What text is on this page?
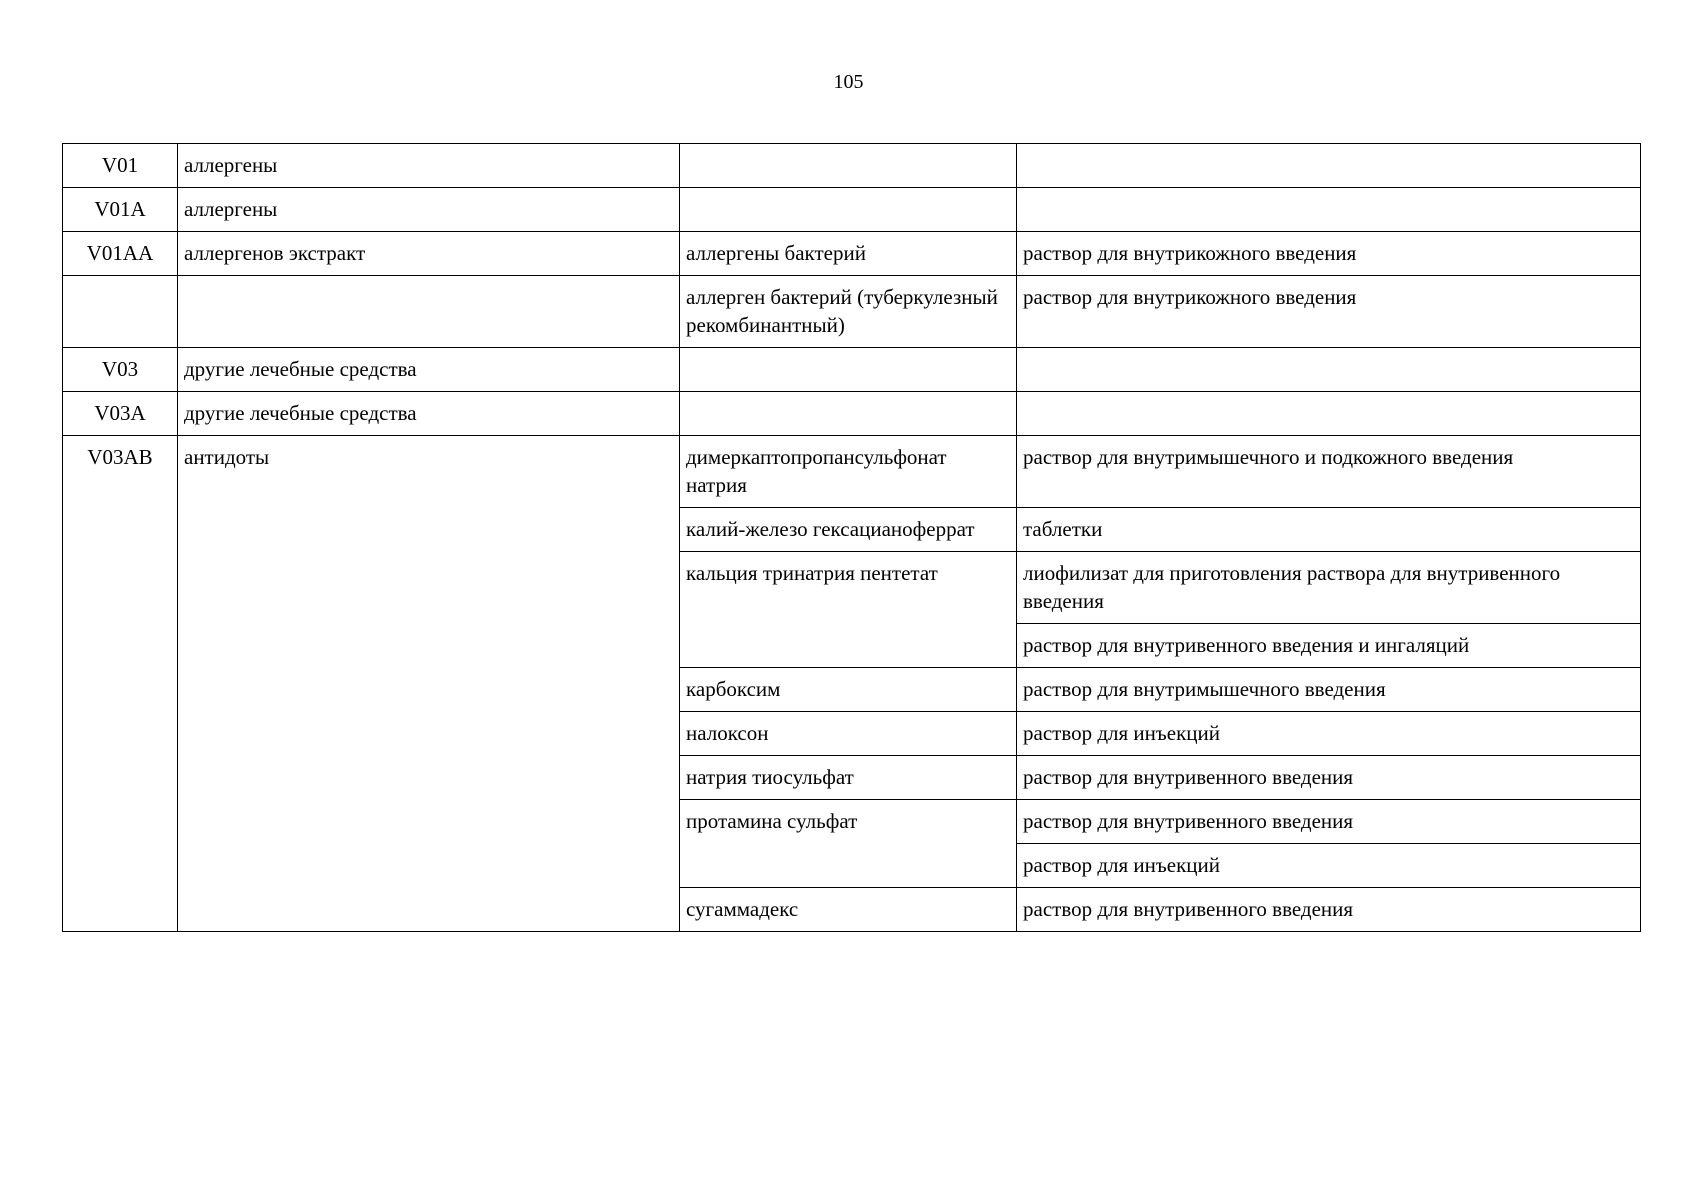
105
V01	аллергены		
V01A	аллергены		
V01AA	аллергенов экстракт	аллергены бактерий	раствор для внутрикожного введения
		аллерген бактерий (туберкулезный рекомбинантный)	раствор для внутрикожного введения
V03	другие лечебные средства		
V03A	другие лечебные средства		
V03AB	антидоты	димеркаптопропансульфонат натрия	раствор для внутримышечного и подкожного введения
		калий-железо гексацианоферрат	таблетки
		кальция тринатрия пентетат	лиофилизат для приготовления раствора для внутривенного введения
			раствор для внутривенного введения и ингаляций
		карбоксим	раствор для внутримышечного введения
		налоксон	раствор для инъекций
		натрия тиосульфат	раствор для внутривенного введения
		протамина сульфат	раствор для внутривенного введения
			раствор для инъекций
		сугаммадекс	раствор для внутривенного введения
